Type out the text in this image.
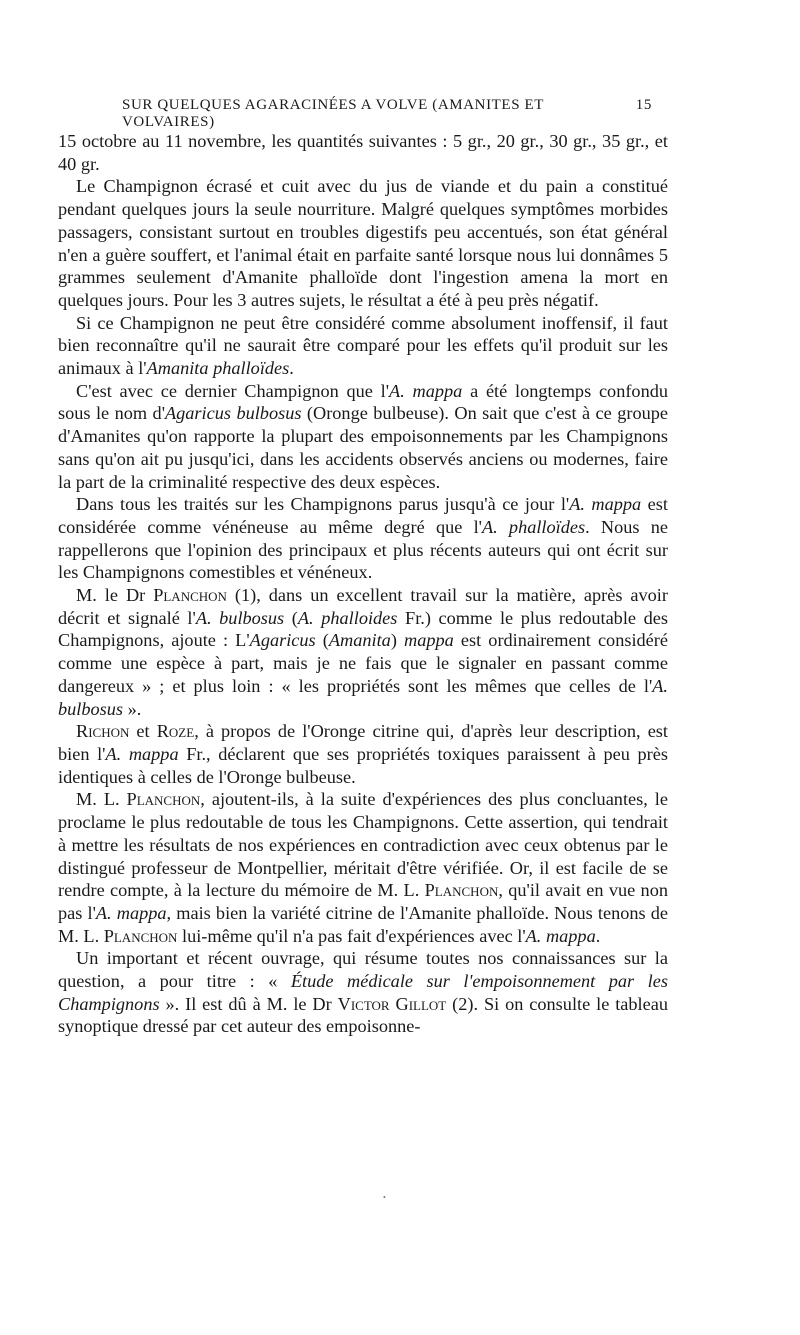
SUR QUELQUES AGARACINÉES A VOLVE (AMANITES ET VOLVAIRES)
15

15 octobre au 11 novembre, les quantités suivantes : 5 gr., 20 gr., 30 gr., 35 gr., et 40 gr.

Le Champignon écrasé et cuit avec du jus de viande et du pain a constitué pendant quelques jours la seule nourriture. Malgré quelques symptômes morbides passagers, consistant surtout en troubles digestifs peu accentués, son état général n'en a guère souffert, et l'animal était en parfaite santé lorsque nous lui donnâmes 5 grammes seulement d'Amanite phalloïde dont l'ingestion amena la mort en quelques jours. Pour les 3 autres sujets, le résultat a été à peu près négatif.

Si ce Champignon ne peut être considéré comme absolument inoffensif, il faut bien reconnaître qu'il ne saurait être comparé pour les effets qu'il produit sur les animaux à l'Amanita phalloïdes.

C'est avec ce dernier Champignon que l'A. mappa a été longtemps confondu sous le nom d'Agaricus bulbosus (Oronge bulbeuse). On sait que c'est à ce groupe d'Amanites qu'on rapporte la plupart des empoisonnements par les Champignons sans qu'on ait pu jusqu'ici, dans les accidents observés anciens ou modernes, faire la part de la criminalité respective des deux espèces.

Dans tous les traités sur les Champignons parus jusqu'à ce jour l'A. mappa est considérée comme vénéneuse au même degré que l'A. phalloïdes. Nous ne rappellerons que l'opinion des principaux et plus récents auteurs qui ont écrit sur les Champignons comestibles et vénéneux.

M. le Dr Planchon (1), dans un excellent travail sur la matière, après avoir décrit et signalé l'A. bulbosus (A. phalloides Fr.) comme le plus redoutable des Champignons, ajoute : L'Agaricus (Amanita) mappa est ordinairement considéré comme une espèce à part, mais je ne fais que le signaler en passant comme dangereux » ; et plus loin : « les propriétés sont les mêmes que celles de l'A. bulbosus ».

Richon et Roze, à propos de l'Oronge citrine qui, d'après leur description, est bien l'A. mappa Fr., déclarent que ses propriétés toxiques paraissent à peu près identiques à celles de l'Oronge bulbeuse.

M. L. Planchon, ajoutent-ils, à la suite d'expériences des plus concluantes, le proclame le plus redoutable de tous les Champignons. Cette assertion, qui tendrait à mettre les résultats de nos expériences en contradiction avec ceux obtenus par le distingué professeur de Montpellier, méritait d'être vérifiée. Or, il est facile de se rendre compte, à la lecture du mémoire de M. L. Planchon, qu'il avait en vue non pas l'A. mappa, mais bien la variété citrine de l'Amanite phalloïde. Nous tenons de M. L. Planchon lui-même qu'il n'a pas fait d'expériences avec l'A. mappa.

Un important et récent ouvrage, qui résume toutes nos connaissances sur la question, a pour titre : « Étude médicale sur l'empoisonnement par les Champignons ». Il est dû à M. le Dr Victor Gillot (2). Si on consulte le tableau synoptique dressé par cet auteur des empoisonne-

•
